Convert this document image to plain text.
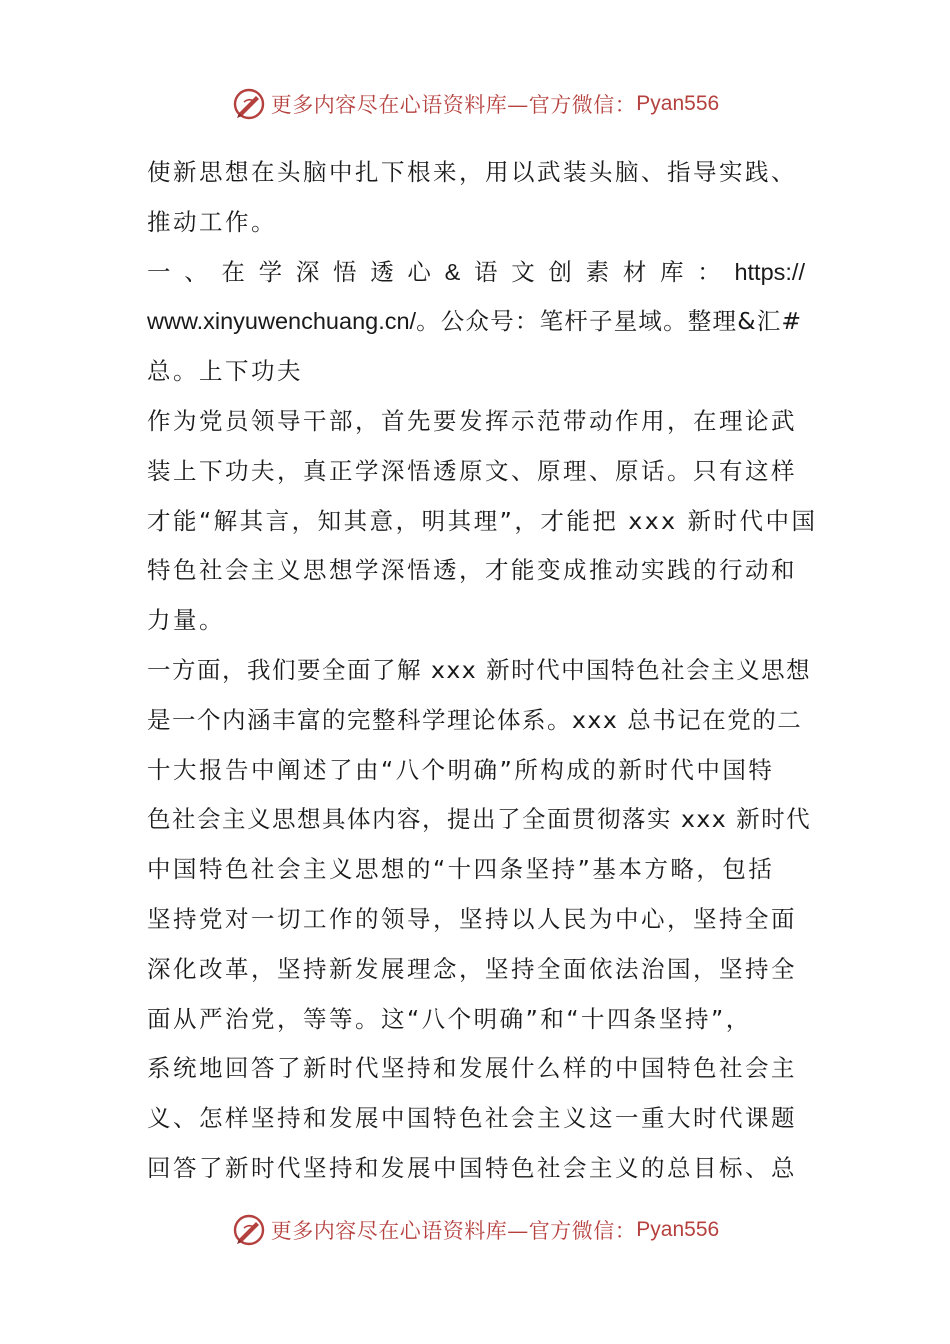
更多内容尽在心语资料库—官方微信： Pyan556
使新思想在头脑中扎下根来，用以武装头脑、指导实践、
推动工作。
一 、 在 学 深 悟 透 心 & 语 文 创 素 材 库 ： https://
www.xinyuwenchuang.cn/。公众号：笔杆子星域。整理&汇#
总。上下功夫
作为党员领导干部，首先要发挥示范带动作用，在理论武
装上下功夫，真正学深悟透原文、原理、原话。只有这样
才能“解其言，知其意，明其理”，才能把 xxx 新时代中国
特色社会主义思想学深悟透，才能变成推动实践的行动和
力量。
一方面，我们要全面了解 xxx 新时代中国特色社会主义思想
是一个内涵丰富的完整科学理论体系。xxx 总书记在党的二
十大报告中阐述了由“八个明确”所构成的新时代中国特
色社会主义思想具体内容，提出了全面贯彻落实 xxx 新时代
中国特色社会主义思想的“十四条坚持”基本方略，包括
坚持党对一切工作的领导，坚持以人民为中心，坚持全面
深化改革，坚持新发展理念，坚持全面依法治国，坚持全
面从严治党，等等。这“八个明确”和“十四条坚持”，
系统地回答了新时代坚持和发展什么样的中国特色社会主
义、怎样坚持和发展中国特色社会主义这一重大时代课题
回答了新时代坚持和发展中国特色社会主义的总目标、总
更多内容尽在心语资料库—官方微信： Pyan556
